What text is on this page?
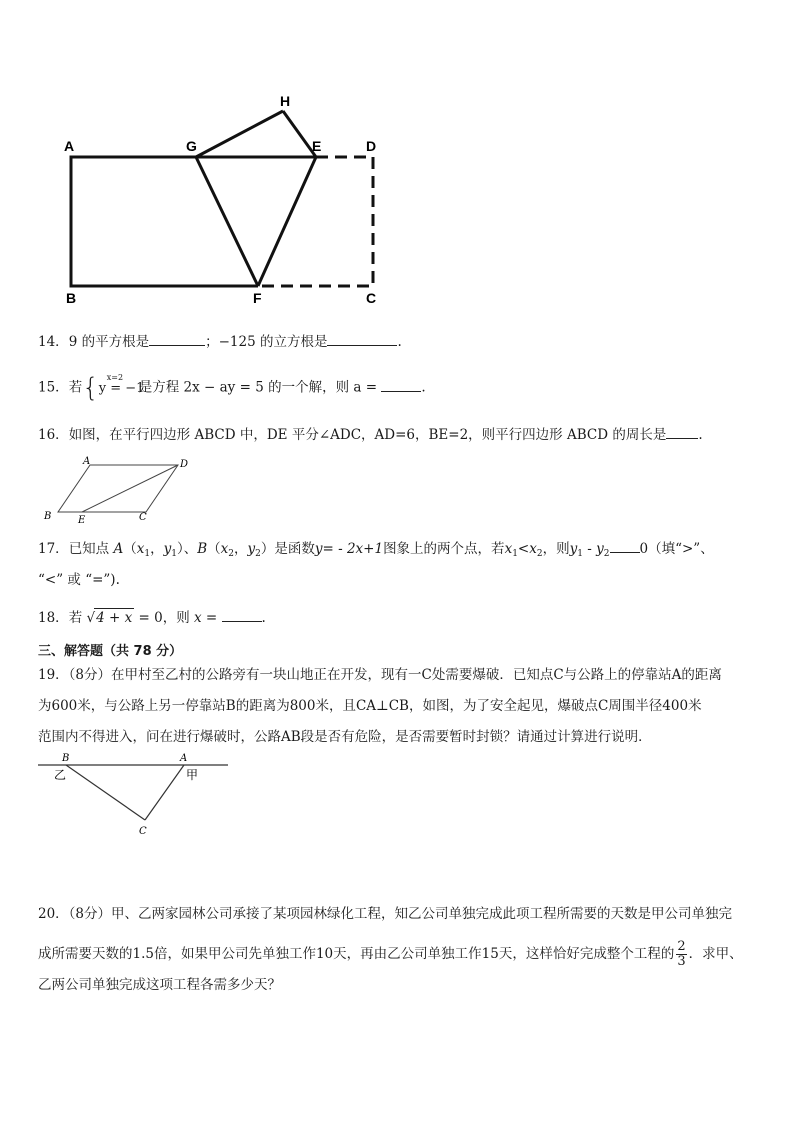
A	G	E	D
H
B	F	C
14．9 的平方根是	；−125 的立方根是	.
15．若{ x=2
y = −1
是方程 2x − ay = 5 的一个解，则 a =	.
16．如图，在平行四边形 ABCD 中，DE 平分∠ADC，AD=6，BE=2，则平行四边形 ABCD 的周长是 .
A	D
B	E	C
17．已知点 $A(x_1$，$y_1$）、$B(x_2$，$y_2$）是函数y= - 2x+1图象上的两个点，若$x_1<x_2$，则$y_1 - y_2$ 0（填“>”、
“<” 或 “=”).
18．若 √4 + x = 0，则 x =	.
三、解答题（共 78 分）
19．（8分）在甲村至乙村的公路旁有一块山地正在开发，现有一C处需要爆破．已知点C与公路上的停靠站A的距离
为600米，与公路上另一停靠站B的距离为800米，且CA⊥CB，如图，为了安全起见，爆破点C周围半径400米
范围内不得进入，问在进行爆破时，公路AB段是否有危险，是否需要暂时封锁？请通过计算进行说明．
B	A
乙	甲
C
20．（8分）甲、乙两家园林公司承接了某项园林绿化工程，知乙公司单独完成此项工程所需要的天数是甲公司单独完
成所需要天数的1.5倍，如果甲公司先单独工作10天，再由乙公司单独工作15天，这样恰好完成整个工程的 $\frac{2}{3}$ ．求甲、
乙两公司单独完成这项工程各需多少天？
